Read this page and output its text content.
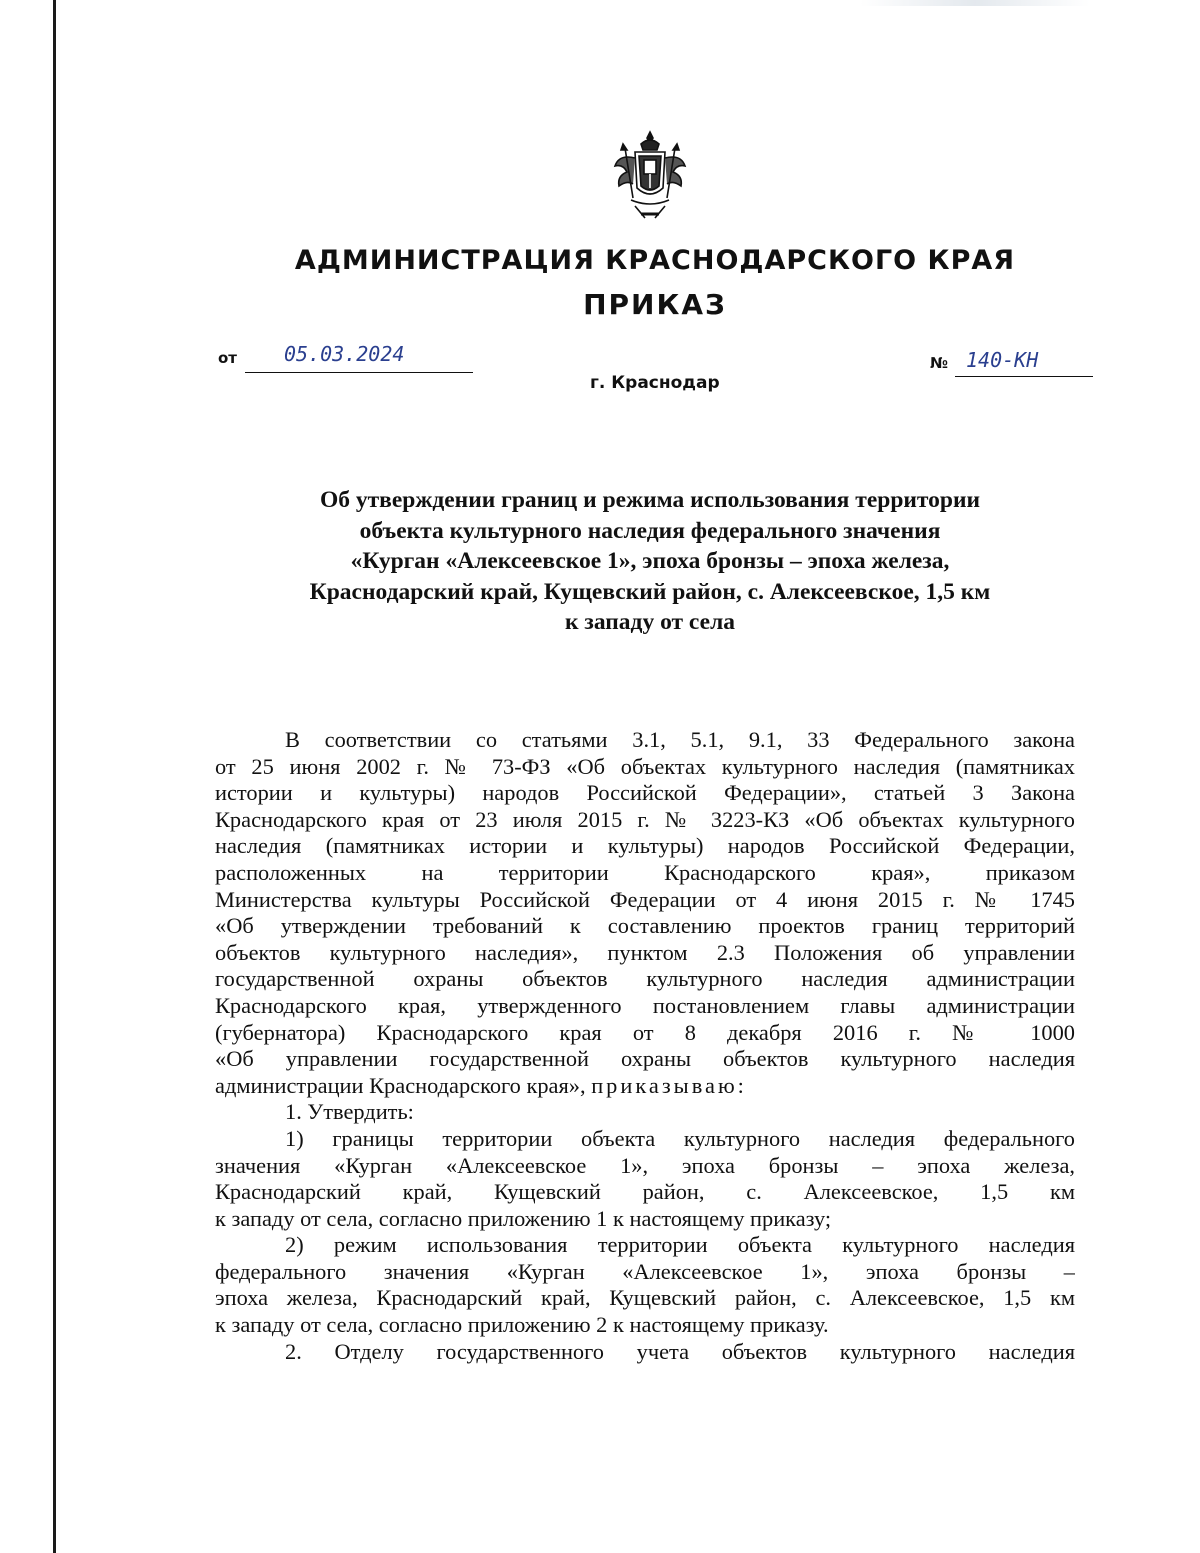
АДМИНИСТРАЦИЯ КРАСНОДАРСКОГО КРАЯ
ПРИКАЗ
от 05.03.2024
г. Краснодар
№ 140-КН
Об утверждении границ и режима использования территории
объекта культурного наследия федерального значения
«Курган «Алексеевское 1», эпоха бронзы – эпоха железа,
Краснодарский край, Кущевский район, с. Алексеевское, 1,5 км
к западу от села
В соответствии со статьями 3.1, 5.1, 9.1, 33 Федерального закона
от 25 июня 2002 г. № 73-ФЗ «Об объектах культурного наследия (памятниках
истории и культуры) народов Российской Федерации», статьей 3 Закона
Краснодарского края от 23 июля 2015 г. № 3223-КЗ «Об объектах культурного
наследия (памятниках истории и культуры) народов Российской Федерации,
расположенных на территории Краснодарского края», приказом
Министерства культуры Российской Федерации от 4 июня 2015 г. № 1745
«Об утверждении требований к составлению проектов границ территорий
объектов культурного наследия», пунктом 2.3 Положения об управлении
государственной охраны объектов культурного наследия администрации
Краснодарского края, утвержденного постановлением главы администрации
(губернатора) Краснодарского края от 8 декабря 2016 г. № 1000
«Об управлении государственной охраны объектов культурного наследия
администрации Краснодарского края», приказываю:
1. Утвердить:
1) границы территории объекта культурного наследия федерального
значения «Курган «Алексеевское 1», эпоха бронзы – эпоха железа,
Краснодарский край, Кущевский район, с. Алексеевское, 1,5 км
к западу от села, согласно приложению 1 к настоящему приказу;
2) режим использования территории объекта культурного наследия
федерального значения «Курган «Алексеевское 1», эпоха бронзы –
эпоха железа, Краснодарский край, Кущевский район, с. Алексеевское, 1,5 км
к западу от села, согласно приложению 2 к настоящему приказу.
2. Отделу государственного учета объектов культурного наследия
